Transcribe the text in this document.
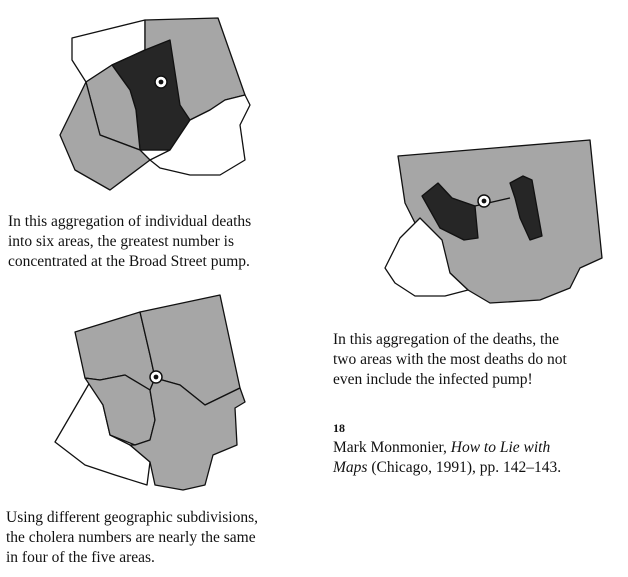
In this aggregation of individual deaths
into six areas, the greatest number is
concentrated at the Broad Street pump.

In this aggregation of the deaths, the
two areas with the most deaths do not
even include the infected pump!

18
Mark Monmonier, How to Lie with
Maps (Chicago, 1991), pp. 142–143.

Using different geographic subdivisions,
the cholera numbers are nearly the same
in four of the five areas.
